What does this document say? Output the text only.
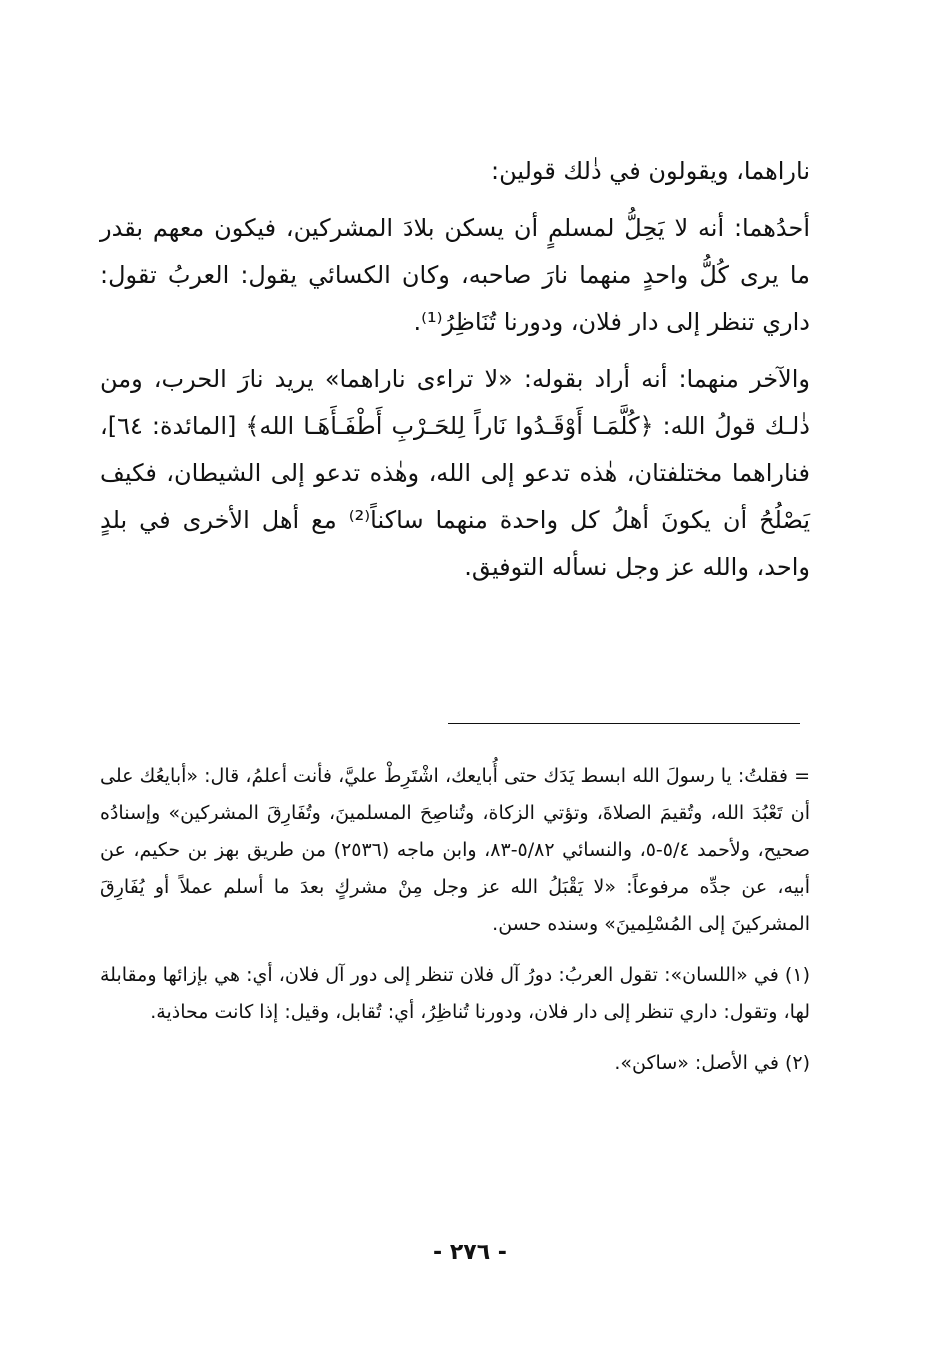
ناراهما، ويقولون في ذٰلك قولين:

أحدُهما: أنه لا يَحِلُّ لمسلمٍ أن يسكن بلادَ المشركين، فيكون معهم بقدر ما يرى كُلُّ واحدٍ منهما نارَ صاحبه، وكان الكسائي يقول: العربُ تقول: داري تنظر إلى دار فلان، ودورنا تُنَاظِرُ⁽¹⁾.

والآخر منهما: أنه أراد بقوله: «لا تراءى ناراهما» يريد نارَ الحرب، ومن ذٰلـك قولُ الله: ﴿كُلَّمَـا أَوْقَـدُوا نَاراً لِلحَـرْبِ أَطْفَـأَهَـا الله﴾ [المائدة: ٦٤]، فناراهما مختلفتان، هٰذه تدعو إلى الله، وهٰذه تدعو إلى الشيطان، فكيف يَصْلُحُ أن يكونَ أهلُ كل واحدة منهما ساكناً⁽²⁾ مع أهل الأخرى في بلدٍ واحد، والله عز وجل نسأله التوفيق.

= فقلتُ: يا رسولَ الله ابسط يَدَك حتى أُبايعك، اشْتَرِطْ عليَّ، فأنت أعلمُ، قال: «أبايعُك على أن تَعْبُدَ الله، وتُقيمَ الصلاةَ، وتؤتي الزكاة، وتُناصِحَ المسلمينَ، وتُفَارِقَ المشركين» وإسنادُه صحيح، ولأحمد ٥/٤-٥، والنسائي ٥/٨٢-٨٣، وابن ماجه (٢٥٣٦) من طريق بهز بن حكيم، عن أبيه، عن جدِّه مرفوعاً: «لا يَقْبَلُ الله عز وجل مِنْ مشركٍ بعدَ ما أسلم عملاً أو يُفَارِقَ المشركينَ إلى المُسْلِمينَ» وسنده حسن.

(١) في «اللسان»: تقول العربُ: دورُ آل فلان تنظر إلى دور آل فلان، أي: هي بإزائها ومقابلة لها، وتقول: داري تنظر إلى دار فلان، ودورنا تُناظِرُ، أي: تُقابل، وقيل: إذا كانت محاذية.

(٢) في الأصل: «ساكن».

- ٢٧٦ -
